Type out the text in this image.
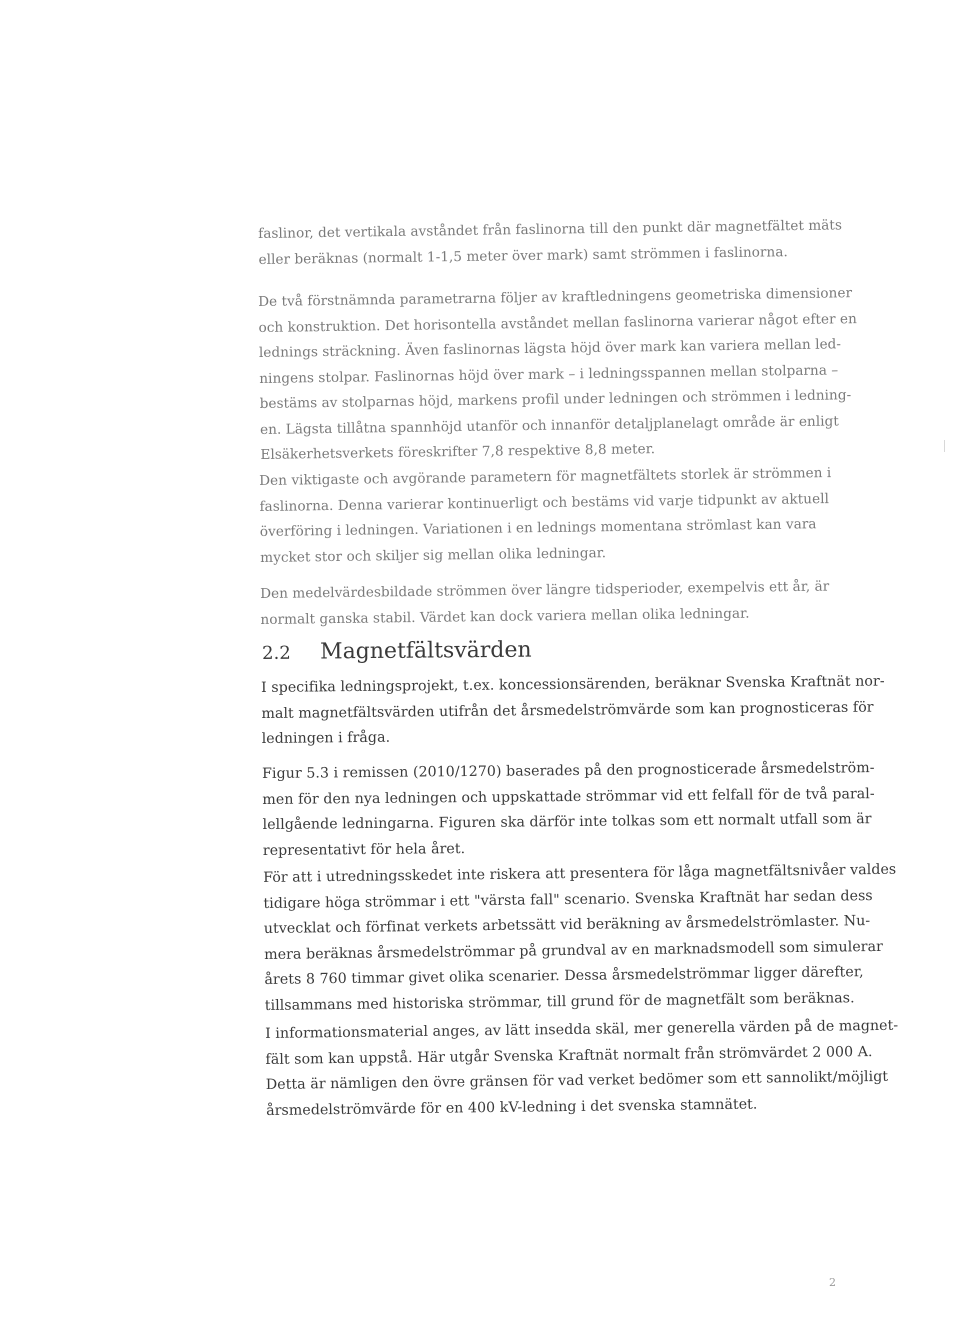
faslinor, det vertikala avståndet från faslinorna till den punkt där magnetfältet mäts
eller beräknas (normalt 1-1,5 meter över mark) samt strömmen i faslinorna.
De två förstnämnda parametrarna följer av kraftledningens geometriska dimensioner
och konstruktion. Det horisontella avståndet mellan faslinorna varierar något efter en
lednings sträckning. Även faslinornas lägsta höjd över mark kan variera mellan led-
ningens stolpar. Faslinornas höjd över mark – i ledningsspannen mellan stolparna –
bestäms av stolparnas höjd, markens profil under ledningen och strömmen i ledning-
en. Lägsta tillåtna spannhöjd utanför och innanför detaljplanelagt område är enligt
Elsäkerhetsverkets föreskrifter 7,8 respektive 8,8 meter.
Den viktigaste och avgörande parametern för magnetfältets storlek är strömmen i
faslinorna. Denna varierar kontinuerligt och bestäms vid varje tidpunkt av aktuell
överföring i ledningen. Variationen i en lednings momentana strömlast kan vara
mycket stor och skiljer sig mellan olika ledningar.
Den medelvärdesbildade strömmen över längre tidsperioder, exempelvis ett år, är
normalt ganska stabil. Värdet kan dock variera mellan olika ledningar.
2.2 Magnetfältsvärden
I specifika ledningsprojekt, t.ex. koncessionsärenden, beräknar Svenska Kraftnät nor-
malt magnetfältsvärden utifrån det årsmedelströmvärde som kan prognosticeras för
ledningen i fråga.
Figur 5.3 i remissen (2010/1270) baserades på den prognosticerade årsmedelström-
men för den nya ledningen och uppskattade strömmar vid ett felfall för de två paral-
lellgående ledningarna. Figuren ska därför inte tolkas som ett normalt utfall som är
representativt för hela året.
För att i utredningsskedet inte riskera att presentera för låga magnetfältsnivåer valdes
tidigare höga strömmar i ett "värsta fall" scenario. Svenska Kraftnät har sedan dess
utvecklat och förfinat verkets arbetssätt vid beräkning av årsmedelströmlaster. Nu-
mera beräknas årsmedelströmmar på grundval av en marknadsmodell som simulerar
årets 8 760 timmar givet olika scenarier. Dessa årsmedelströmmar ligger därefter,
tillsammans med historiska strömmar, till grund för de magnetfält som beräknas.
I informationsmaterial anges, av lätt insedda skäl, mer generella värden på de magnet-
fält som kan uppstå. Här utgår Svenska Kraftnät normalt från strömvärdet 2 000 A.
Detta är nämligen den övre gränsen för vad verket bedömer som ett sannolikt/möjligt
årsmedelströmvärde för en 400 kV-ledning i det svenska stamnätet.
2
